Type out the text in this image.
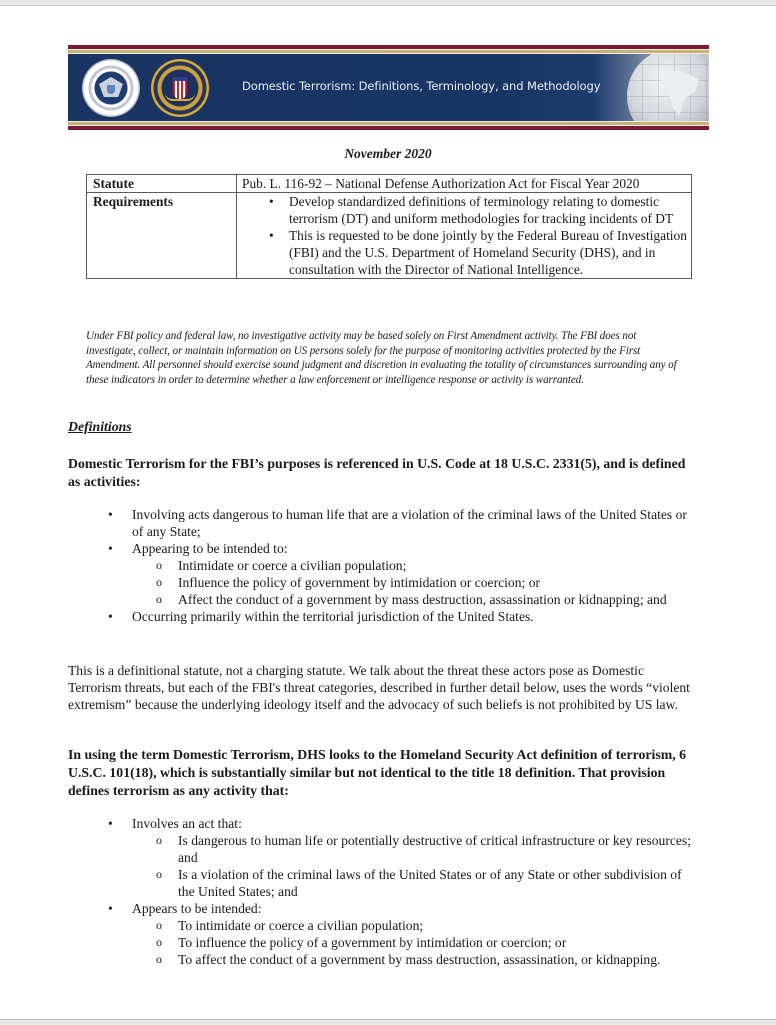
Domestic Terrorism: Definitions, Terminology, and Methodology
November 2020
Statute	Pub. L. 116-92 – National Defense Authorization Act for Fiscal Year 2020
Requirements	• Develop standardized definitions of terminology relating to domestic terrorism (DT) and uniform methodologies for tracking incidents of DT
• This is requested to be done jointly by the Federal Bureau of Investigation (FBI) and the U.S. Department of Homeland Security (DHS), and in consultation with the Director of National Intelligence.
Under FBI policy and federal law, no investigative activity may be based solely on First Amendment activity. The FBI does not investigate, collect, or maintain information on US persons solely for the purpose of monitoring activities protected by the First Amendment. All personnel should exercise sound judgment and discretion in evaluating the totality of circumstances surrounding any of these indicators in order to determine whether a law enforcement or intelligence response or activity is warranted.
Definitions
Domestic Terrorism for the FBI’s purposes is referenced in U.S. Code at 18 U.S.C. 2331(5), and is defined as activities:
• Involving acts dangerous to human life that are a violation of the criminal laws of the United States or of any State;
• Appearing to be intended to:
o Intimidate or coerce a civilian population;
o Influence the policy of government by intimidation or coercion; or
o Affect the conduct of a government by mass destruction, assassination or kidnapping; and
• Occurring primarily within the territorial jurisdiction of the United States.
This is a definitional statute, not a charging statute. We talk about the threat these actors pose as Domestic Terrorism threats, but each of the FBI's threat categories, described in further detail below, uses the words “violent extremism” because the underlying ideology itself and the advocacy of such beliefs is not prohibited by US law.
In using the term Domestic Terrorism, DHS looks to the Homeland Security Act definition of terrorism, 6 U.S.C. 101(18), which is substantially similar but not identical to the title 18 definition. That provision defines terrorism as any activity that:
• Involves an act that:
o Is dangerous to human life or potentially destructive of critical infrastructure or key resources; and
o Is a violation of the criminal laws of the United States or of any State or other subdivision of the United States; and
• Appears to be intended:
o To intimidate or coerce a civilian population;
o To influence the policy of a government by intimidation or coercion; or
o To affect the conduct of a government by mass destruction, assassination, or kidnapping.
